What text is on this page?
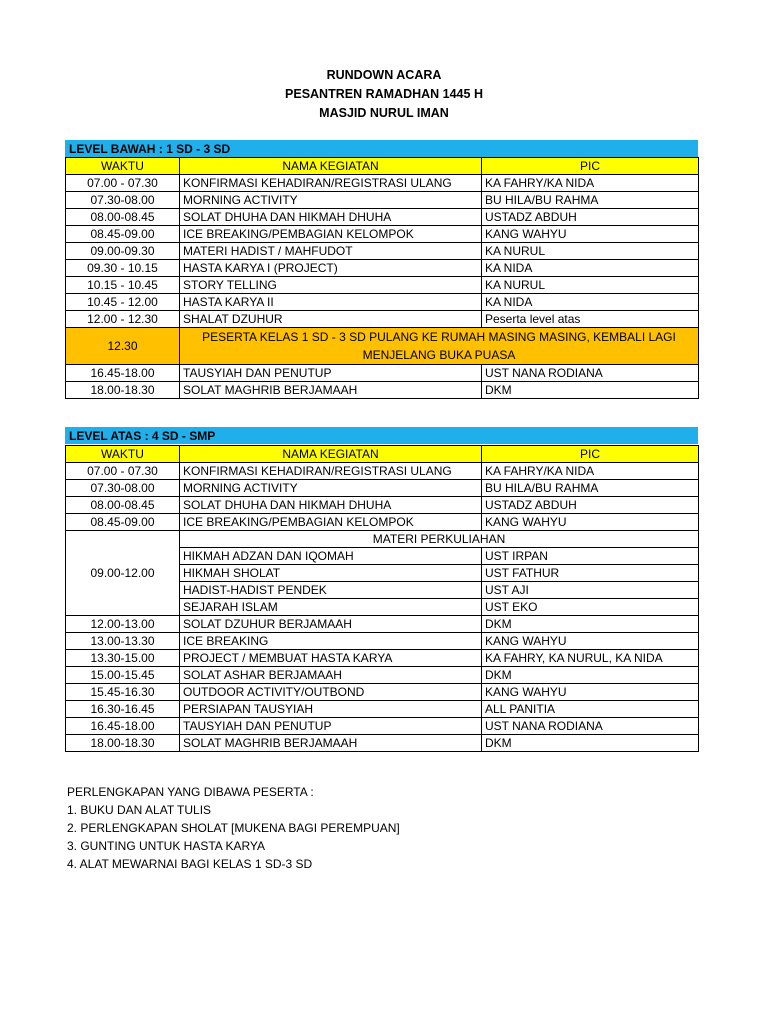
RUNDOWN ACARA
PESANTREN RAMADHAN 1445 H
MASJID NURUL IMAN
LEVEL BAWAH : 1 SD - 3 SD
WAKTU	NAMA KEGIATAN	PIC
07.00 - 07.30	KONFIRMASI KEHADIRAN/REGISTRASI ULANG	KA FAHRY/KA NIDA
07.30-08.00	MORNING ACTIVITY	BU HILA/BU RAHMA
08.00-08.45	SOLAT DHUHA DAN HIKMAH DHUHA	USTADZ ABDUH
08.45-09.00	ICE BREAKING/PEMBAGIAN KELOMPOK	KANG WAHYU
09.00-09.30	MATERI HADIST / MAHFUDOT	KA NURUL
09.30 - 10.15	HASTA KARYA I (PROJECT)	KA NIDA
10.15 - 10.45	STORY TELLING	KA NURUL
10.45 - 12.00	HASTA KARYA II	KA NIDA
12.00 - 12.30	SHALAT DZUHUR	Peserta level atas
12.30	PESERTA KELAS 1 SD - 3 SD PULANG KE RUMAH MASING MASING, KEMBALI LAGI MENJELANG BUKA PUASA	
16.45-18.00	TAUSYIAH DAN PENUTUP	UST NANA RODIANA
18.00-18.30	SOLAT MAGHRIB BERJAMAAH	DKM
LEVEL ATAS : 4 SD - SMP
WAKTU	NAMA KEGIATAN	PIC
07.00 - 07.30	KONFIRMASI KEHADIRAN/REGISTRASI ULANG	KA FAHRY/KA NIDA
07.30-08.00	MORNING ACTIVITY	BU HILA/BU RAHMA
08.00-08.45	SOLAT DHUHA DAN HIKMAH DHUHA	USTADZ ABDUH
08.45-09.00	ICE BREAKING/PEMBAGIAN KELOMPOK	KANG WAHYU
09.00-12.00	MATERI PERKULIAHAN	
	HIKMAH ADZAN DAN IQOMAH	UST IRPAN
	HIKMAH SHOLAT	UST FATHUR
	HADIST-HADIST PENDEK	UST AJI
	SEJARAH ISLAM	UST EKO
12.00-13.00	SOLAT DZUHUR BERJAMAAH	DKM
13.00-13.30	ICE BREAKING	KANG WAHYU
13.30-15.00	PROJECT / MEMBUAT HASTA KARYA	KA FAHRY, KA NURUL, KA NIDA
15.00-15.45	SOLAT ASHAR BERJAMAAH	DKM
15.45-16.30	OUTDOOR ACTIVITY/OUTBOND	KANG WAHYU
16.30-16.45	PERSIAPAN TAUSYIAH	ALL PANITIA
16.45-18.00	TAUSYIAH DAN PENUTUP	UST NANA RODIANA
18.00-18.30	SOLAT MAGHRIB BERJAMAAH	DKM
PERLENGKAPAN YANG DIBAWA PESERTA :
1. BUKU DAN ALAT TULIS
2. PERLENGKAPAN SHOLAT [MUKENA BAGI PEREMPUAN]
3. GUNTING UNTUK HASTA KARYA
4. ALAT MEWARNAI BAGI KELAS 1 SD-3 SD
